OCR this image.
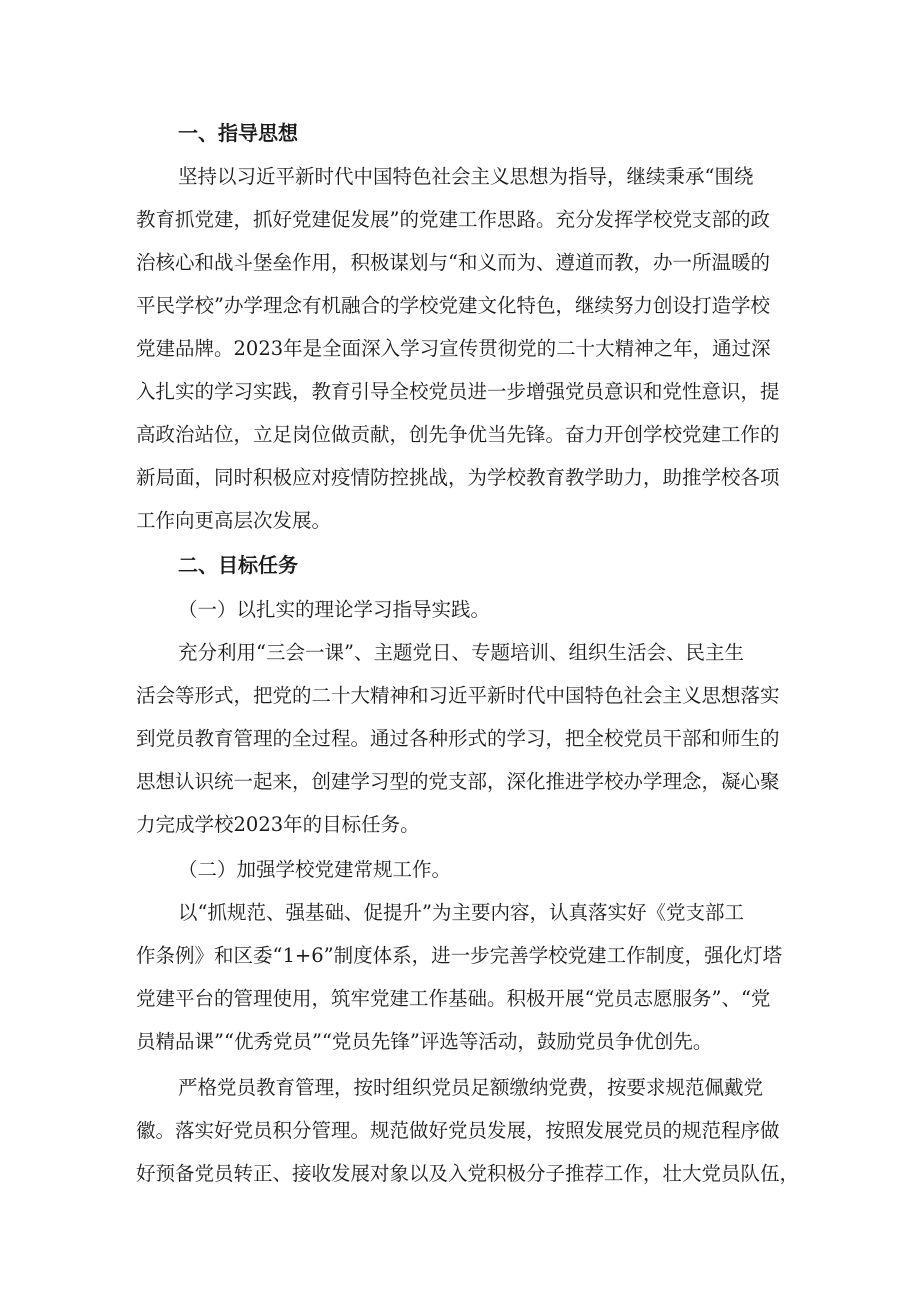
一、指导思想
坚持以习近平新时代中国特色社会主义思想为指导，继续秉承“围绕
教育抓党建，抓好党建促发展”的党建工作思路。充分发挥学校党支部的政
治核心和战斗堡垒作用，积极谋划与“和义而为、遵道而教，办一所温暖的
平民学校”办学理念有机融合的学校党建文化特色，继续努力创设打造学校
党建品牌。2023年是全面深入学习宣传贯彻党的二十大精神之年，通过深
入扎实的学习实践，教育引导全校党员进一步增强党员意识和党性意识，提
高政治站位，立足岗位做贡献，创先争优当先锋。奋力开创学校党建工作的
新局面，同时积极应对疫情防控挑战，为学校教育教学助力，助推学校各项
工作向更高层次发展。
二、目标任务
（一）以扎实的理论学习指导实践。
充分利用“三会一课”、主题党日、专题培训、组织生活会、民主生
活会等形式，把党的二十大精神和习近平新时代中国特色社会主义思想落实
到党员教育管理的全过程。通过各种形式的学习，把全校党员干部和师生的
思想认识统一起来，创建学习型的党支部，深化推进学校办学理念，凝心聚
力完成学校2023年的目标任务。
（二）加强学校党建常规工作。
以“抓规范、强基础、促提升”为主要内容，认真落实好《党支部工
作条例》和区委“1+6”制度体系，进一步完善学校党建工作制度，强化灯塔
党建平台的管理使用，筑牢党建工作基础。积极开展“党员志愿服务”、“党
员精品课”“优秀党员”“党员先锋”评选等活动，鼓励党员争优创先。
严格党员教育管理，按时组织党员足额缴纳党费，按要求规范佩戴党
徽。落实好党员积分管理。规范做好党员发展，按照发展党员的规范程序做
好预备党员转正、接收发展对象以及入党积极分子推荐工作，壮大党员队伍，
